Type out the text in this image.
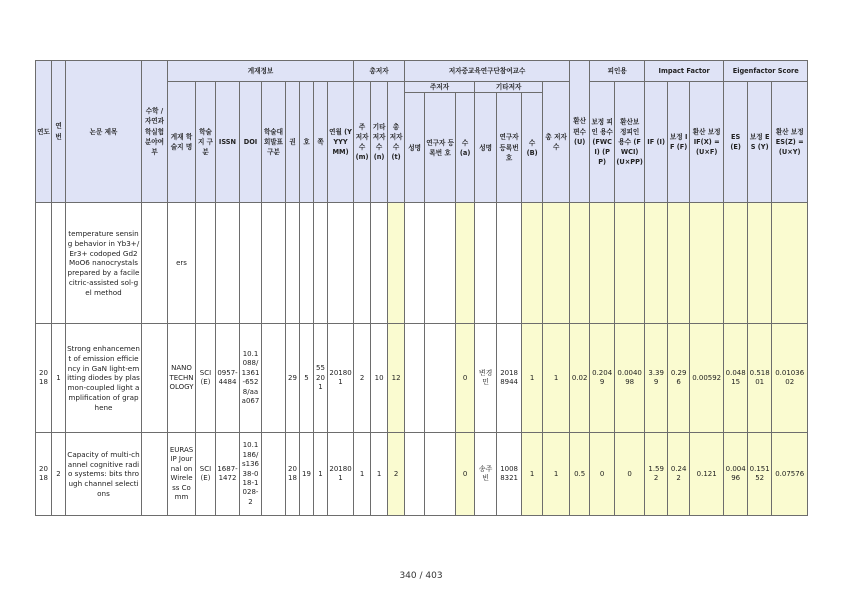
연도	연번	논문 제목	수학 /자연과 학실험 분야여 부	게재정보									총저자			저자중교육연구단참여교수							환산 편수 (U)	피인용		Impact Factor			Eigenfactor Score		
				게재 학술지 명	학술 지 구 분	ISSN	DOI	학술대 회발표 구분	권	호	쪽	연월 (YYYY MM)	주 저자 수 (m)	기타 저자 수 (n)	총 저자 수 (t)	주저자			기타저자			총 저자 수		보정 피인 용수 (FWC I) (PP)	환산보 정피인 용수 (FWCI) (U×PP)	IF (I)	보정 IF (F)	환산 보정 IF(X) = (U×F)	ES (E)	보정 ES (Y)	환산 보정 ES(Z) =(U×Y)
																성명	연구자 등록번 호	수 (a)	성명	연구자 등록번 호	수 (B)										

		temperature sensing behavior in Yb3+/Er3+ codoped Gd2MoO6 nanocrystals prepared by a facile citric-assisted sol-gel method		ers																											
2018	1	Strong enhancement of emission efficiency in GaN light-emitting diodes by plasmon-coupled light amplification of graphene		NANOTECHNOLOGY	SCI(E)	0957-4484	10.1088/1361-6528/aaa067		29	5	55201	201801	2	10	12			0	변경민	20188944	1	1	0.02	0.2049	0.004098	3.399	0.296	0.00592	0.04815	0.51801	0.0103602
2018	2	Capacity of multi-channel cognitive radio systems: bits through channel selections		EURASIP Journal on Wireless Comm	SCI(E)	1687-1472	10.1186/s13638-018-1028-2		2018	19	1	201801	1	1	2			0	송주빈	10088321	1	1	0.5	0	0	1.592	0.242	0.121	0.00496	0.15152	0.07576
340 / 403
